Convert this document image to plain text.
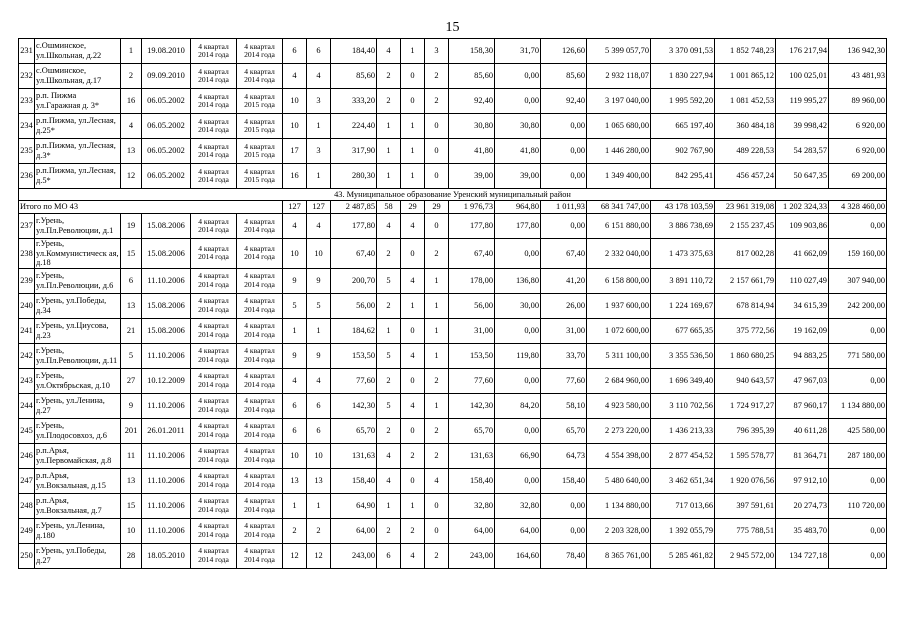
15
231	с.Ошминское, ул.Школьная, д.22	1	19.08.2010	4 квартал 2014 года	4 квартал 2014 года	6	6	184,40	4	1	3	158,30	31,70	126,60	5 399 057,70	3 370 091,53	1 852 748,23	176 217,94	136 942,30
232	с.Ошминское, ул.Школьная, д.17	2	09.09.2010	4 квартал 2014 года	4 квартал 2014 года	4	4	85,60	2	0	2	85,60	0,00	85,60	2 932 118,07	1 830 227,94	1 001 865,12	100 025,01	43 481,93
233	р.п. Пижма ул.Гаражная д. 3*	16	06.05.2002	4 квартал 2014 года	4 квартал 2015 года	10	3	333,20	2	0	2	92,40	0,00	92,40	3 197 040,00	1 995 592,20	1 081 452,53	119 995,27	89 960,00
234	р.п.Пижма, ул.Лесная, д.25*	4	06.05.2002	4 квартал 2014 года	4 квартал 2015 года	10	1	224,40	1	1	0	30,80	30,80	0,00	1 065 680,00	665 197,40	360 484,18	39 998,42	6 920,00
235	р.п.Пижма, ул.Лесная, д.3*	13	06.05.2002	4 квартал 2014 года	4 квартал 2015 года	17	3	317,90	1	1	0	41,80	41,80	0,00	1 446 280,00	902 767,90	489 228,53	54 283,57	6 920,00
236	р.п.Пижма, ул.Лесная, д.5*	12	06.05.2002	4 квартал 2014 года	4 квартал 2015 года	16	1	280,30	1	1	0	39,00	39,00	0,00	1 349 400,00	842 295,41	456 457,24	50 647,35	69 200,00
43. Муниципальное образование Уренский муниципальный район																			
Итого по МО 43						127	127	2 487,85	58	29	29	1 976,73	964,80	1 011,93	68 341 747,00	43 178 103,59	23 961 319,08	1 202 324,33	4 328 460,00
237	г.Урень, ул.Пл.Революции, д.1	19	15.08.2006	4 квартал 2014 года	4 квартал 2014 года	4	4	177,80	4	4	0	177,80	177,80	0,00	6 151 880,00	3 886 738,69	2 155 237,45	109 903,86	0,00
238	г.Урень, ул.Коммунистическ ая, д.18	15	15.08.2006	4 квартал 2014 года	4 квартал 2014 года	10	10	67,40	2	0	2	67,40	0,00	67,40	2 332 040,00	1 473 375,63	817 002,28	41 662,09	159 160,00
239	г.Урень, ул.Пл.Революции, д.6	6	11.10.2006	4 квартал 2014 года	4 квартал 2014 года	9	9	200,70	5	4	1	178,00	136,80	41,20	6 158 800,00	3 891 110,72	2 157 661,79	110 027,49	307 940,00
240	г.Урень, ул.Победы, д.34	13	15.08.2006	4 квартал 2014 года	4 квартал 2014 года	5	5	56,00	2	1	1	56,00	30,00	26,00	1 937 600,00	1 224 169,67	678 814,94	34 615,39	242 200,00
241	г.Урень, ул.Циусова, д.23	21	15.08.2006	4 квартал 2014 года	4 квартал 2014 года	1	1	184,62	1	0	1	31,00	0,00	31,00	1 072 600,00	677 665,35	375 772,56	19 162,09	0,00
242	г.Урень, ул.Пл.Революции, д.11	5	11.10.2006	4 квартал 2014 года	4 квартал 2014 года	9	9	153,50	5	4	1	153,50	119,80	33,70	5 311 100,00	3 355 536,50	1 860 680,25	94 883,25	771 580,00
243	г.Урень, ул.Октябрьская, д.10	27	10.12.2009	4 квартал 2014 года	4 квартал 2014 года	4	4	77,60	2	0	2	77,60	0,00	77,60	2 684 960,00	1 696 349,40	940 643,57	47 967,03	0,00
244	г.Урень, ул.Ленина, д.27	9	11.10.2006	4 квартал 2014 года	4 квартал 2014 года	6	6	142,30	5	4	1	142,30	84,20	58,10	4 923 580,00	3 110 702,56	1 724 917,27	87 960,17	1 134 880,00
245	г.Урень, ул.Плодосовхоз, д.6	201	26.01.2011	4 квартал 2014 года	4 квартал 2014 года	6	6	65,70	2	0	2	65,70	0,00	65,70	2 273 220,00	1 436 213,33	796 395,39	40 611,28	425 580,00
246	р.п.Арья, ул.Первомайская, д.8	11	11.10.2006	4 квартал 2014 года	4 квартал 2014 года	10	10	131,63	4	2	2	131,63	66,90	64,73	4 554 398,00	2 877 454,52	1 595 578,77	81 364,71	287 180,00
247	р.п.Арья, ул.Вокзальная, д.15	13	11.10.2006	4 квартал 2014 года	4 квартал 2014 года	13	13	158,40	4	0	4	158,40	0,00	158,40	5 480 640,00	3 462 651,34	1 920 076,56	97 912,10	0,00
248	р.п.Арья, ул.Вокзальная, д.7	15	11.10.2006	4 квартал 2014 года	4 квартал 2014 года	1	1	64,90	1	1	0	32,80	32,80	0,00	1 134 880,00	717 013,66	397 591,61	20 274,73	110 720,00
249	г.Урень, ул.Ленина, д.180	10	11.10.2006	4 квартал 2014 года	4 квартал 2014 года	2	2	64,00	2	2	0	64,00	64,00	0,00	2 203 328,00	1 392 055,79	775 788,51	35 483,70	0,00
250	г.Урень, ул.Победы, д.27	28	18.05.2010	4 квартал 2014 года	4 квартал 2014 года	12	12	243,00	6	4	2	243,00	164,60	78,40	8 365 761,00	5 285 461,82	2 945 572,00	134 727,18	0,00
